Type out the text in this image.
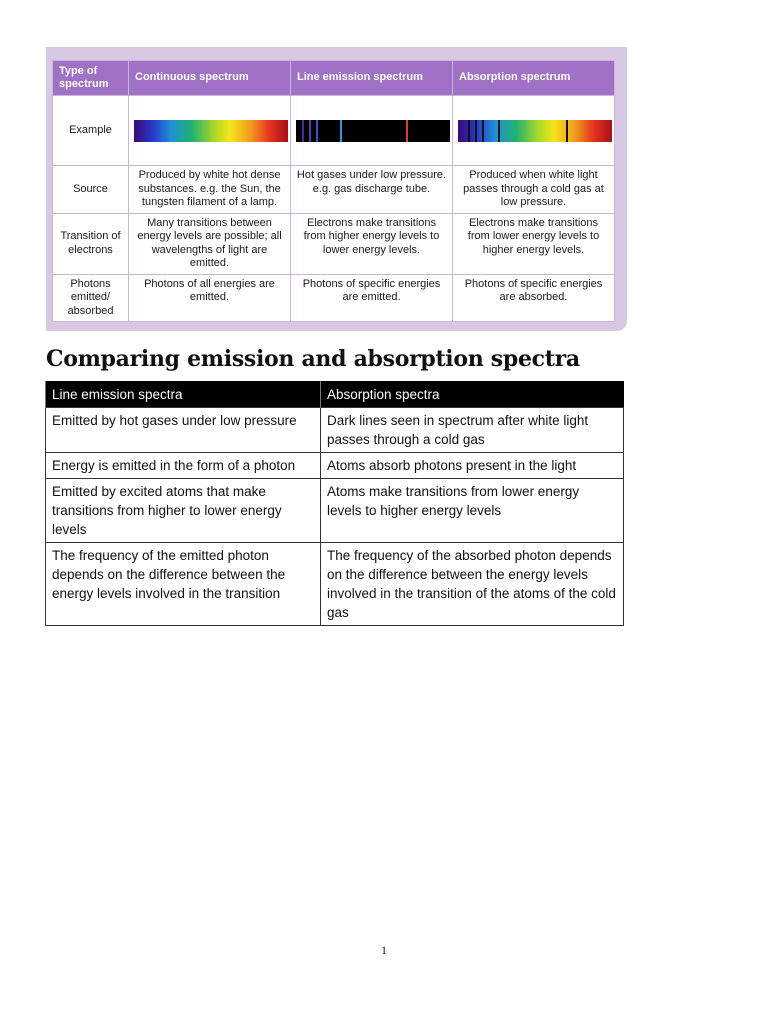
Type of spectrum	Continuous spectrum	Line emission spectrum	Absorption spectrum
Example	

Source	Produced by white hot dense substances. e.g. the Sun, the tungsten filament of a lamp.	Hot gases under low pressure. e.g. gas discharge tube.	Produced when white light passes through a cold gas at low pressure.
Transition of electrons	Many transitions between energy levels are possible; all wavelengths of light are emitted.	Electrons make transitions from higher energy levels to lower energy levels.	Electrons make transitions from lower energy levels to higher energy levels.
Photons emitted/ absorbed	Photons of all energies are emitted.	Photons of specific energies are emitted.	Photons of specific energies are absorbed.
Comparing emission and absorption spectra
Line emission spectra	Absorption spectra
Emitted by hot gases under low pressure	Dark lines seen in spectrum after white light passes through a cold gas
Energy is emitted in the form of a photon	Atoms absorb photons present in the light
Emitted by excited atoms that make transitions from higher to lower energy levels	Atoms make transitions from lower energy levels to higher energy levels
The frequency of the emitted photon depends on the difference between the energy levels involved in the transition	The frequency of the absorbed photon depends on the difference between the energy levels involved in the transition of the atoms of the cold gas
1
